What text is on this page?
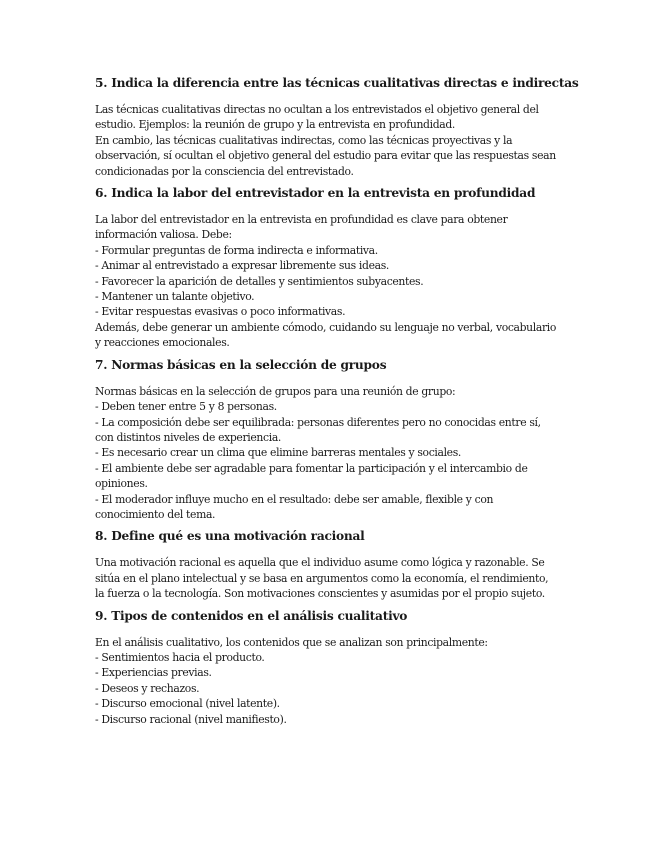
5. Indica la diferencia entre las técnicas cualitativas directas e indirectas

Las técnicas cualitativas directas no ocultan a los entrevistados el objetivo general del

estudio. Ejemplos: la reunión de grupo y la entrevista en profundidad.

En cambio, las técnicas cualitativas indirectas, como las técnicas proyectivas y la

observación, sí ocultan el objetivo general del estudio para evitar que las respuestas sean

condicionadas por la consciencia del entrevistado.

6. Indica la labor del entrevistador en la entrevista en profundidad

La labor del entrevistador en la entrevista en profundidad es clave para obtener

información valiosa. Debe:

- Formular preguntas de forma indirecta e informativa.

- Animar al entrevistado a expresar libremente sus ideas.

- Favorecer la aparición de detalles y sentimientos subyacentes.

- Mantener un talante objetivo.

- Evitar respuestas evasivas o poco informativas.

Además, debe generar un ambiente cómodo, cuidando su lenguaje no verbal, vocabulario

y reacciones emocionales.

7. Normas básicas en la selección de grupos

Normas básicas en la selección de grupos para una reunión de grupo:

- Deben tener entre 5 y 8 personas.

- La composición debe ser equilibrada: personas diferentes pero no conocidas entre sí,

con distintos niveles de experiencia.

- Es necesario crear un clima que elimine barreras mentales y sociales.

- El ambiente debe ser agradable para fomentar la participación y el intercambio de

opiniones.

- El moderador influye mucho en el resultado: debe ser amable, flexible y con

conocimiento del tema.

8. Define qué es una motivación racional

Una motivación racional es aquella que el individuo asume como lógica y razonable. Se

sitúa en el plano intelectual y se basa en argumentos como la economía, el rendimiento,

la fuerza o la tecnología. Son motivaciones conscientes y asumidas por el propio sujeto.

9. Tipos de contenidos en el análisis cualitativo

En el análisis cualitativo, los contenidos que se analizan son principalmente:

- Sentimientos hacia el producto.

- Experiencias previas.

- Deseos y rechazos.

- Discurso emocional (nivel latente).

- Discurso racional (nivel manifiesto).
